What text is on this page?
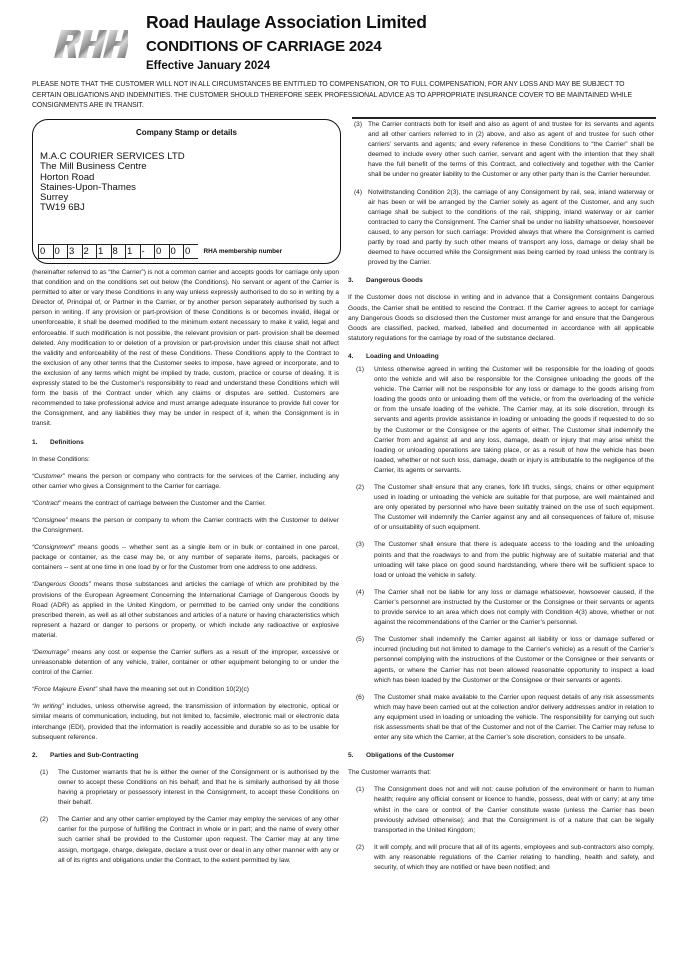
Road Haulage Association Limited
CONDITIONS OF CARRIAGE 2024
Effective January 2024
PLEASE NOTE THAT THE CUSTOMER WILL NOT IN ALL CIRCUMSTANCES BE ENTITLED TO COMPENSATION, OR TO FULL COMPENSATION, FOR ANY LOSS AND MAY BE SUBJECT TO CERTAIN OBLIGATIONS AND INDEMNITIES. THE CUSTOMER SHOULD THEREFORE SEEK PROFESSIONAL ADVICE AS TO APPROPRIATE INSURANCE COVER TO BE MAINTAINED WHILE CONSIGNMENTS ARE IN TRANSIT.
Company Stamp or details
M.A.C COURIER SERVICES LTD
The Mill Business Centre
Horton Road
Staines-Upon-Thames
Surrey
TW19 6BJ
0 0 3 2 1 8 1 -	0 0 0	RHA membership number

(hereinafter referred to as “the Carrier”) is not a common carrier and accepts goods for carriage only upon that condition and on the conditions set out below (the Conditions). No servant or agent of the Carrier is permitted to alter or vary these Conditions in any way unless expressly authorised to do so in writing by a Director of, Principal of, or Partner in the Carrier, or by another person separately authorised by such a person in writing. If any provision or part-provision of these Conditions is or becomes invalid, illegal or unenforceable, it shall be deemed modified to the minimum extent necessary to make it valid, legal and enforceable. If such modification is not possible, the relevant provision or part- provision shall be deemed deleted. Any modification to or deletion of a provision or part-provision under this clause shall not affect the validity and enforceability of the rest of these Conditions. These Conditions apply to the Contract to the exclusion of any other terms that the Customer seeks to impose, have agreed or incorporate, and to the exclusion of any terms which might be implied by trade, custom, practice or course of dealing. It is expressly stated to be the Customer’s responsibility to read and understand these Conditions which will form the basis of the Contract under which any claims or disputes are settled. Customers are recommended to take professional advice and must arrange adequate insurance to provide full cover for the Consignment, and any liabilities they may be under in respect of it, when the Consignment is in transit.

1.	Definitions

In these Conditions:

“Customer” means the person or company who contracts for the services of the Carrier, including any other carrier who gives a Consignment to the Carrier for carriage.

“Contract” means the contract of carriage between the Customer and the Carrier.

“Consignee” means the person or company to whom the Carrier contracts with the Customer to deliver the Consignment.

“Consignment” means goods -- whether sent as a single item or in bulk or contained in one parcel, package or container, as the case may be, or any number of separate items, parcels, packages or containers -- sent at one time in one load by or for the Customer from one address to one address.

“Dangerous Goods” means those substances and articles the carriage of which are prohibited by the provisions of the European Agreement Concerning the International Carriage of Dangerous Goods by Road (ADR) as applied in the United Kingdom, or permitted to be carried only under the conditions prescribed therein, as well as all other substances and articles of a nature or having characteristics which represent a hazard or danger to persons or property, or which include any radioactive or explosive material.

“Demurrage” means any cost or expense the Carrier suffers as a result of the improper, excessive or unreasonable detention of any vehicle, trailer, container or other equipment belonging to or under the control of the Carrier.

“Force Majeure Event” shall have the meaning set out in Condition 10(2)(c)

“In writing” includes, unless otherwise agreed, the transmission of information by electronic, optical or similar means of communication, including, but not limited to, facsimile, electronic mail or electronic data interchange (EDI), provided that the information is readily accessible and durable so as to be usable for subsequent reference.

2.	Parties and Sub-Contracting
(1)	The Customer warrants that he is either the owner of the Consignment or is authorised by the owner to accept these Conditions on his behalf; and that he is similarly authorised by all those having a proprietary or possessory interest in the Consignment, to accept these Conditions on their behalf.
(2)	The Carrier and any other carrier employed by the Carrier may employ the services of any other carrier for the purpose of fulfilling the Contract in whole or in part; and the name of every other such carrier shall be provided to the Customer upon request. The Carrier may at any time assign, mortgage, charge, delegate, declare a trust over or deal in any other manner with any or all of its rights and obligations under the Contract, to the extent permitted by law.
(3) The Carrier contracts both for itself and also as agent of and trustee for its servants and agents and all other carriers referred to in (2) above, and also as agent of and trustee for such other carriers’ servants and agents; and every reference in these Conditions to “the Carrier” shall be deemed to include every other such carrier, servant and agent with the intention that they shall have the full benefit of the terms of this Contract, and collectively and together with the Carrier shall be under no greater liability to the Customer or any other party than is the Carrier hereunder.
(4) Notwithstanding Condition 2(3), the carriage of any Consignment by rail, sea, inland waterway or air has been or will be arranged by the Carrier solely as agent of the Customer, and any such carriage shall be subject to the conditions of the rail, shipping, inland waterway or air carrier contracted to carry the Consignment. The Carrier shall be under no liability whatsoever, howsoever caused, to any person for such carriage: Provided always that where the Consignment is carried partly by road and partly by such other means of transport any loss, damage or delay shall be deemed to have occurred while the Consignment was being carried by road unless the contrary is proved by the Carrier.
3.	Dangerous Goods

If the Customer does not disclose in writing and in advance that a Consignment contains Dangerous Goods, the Carrier shall be entitled to rescind the Contract. If the Carrier agrees to accept for carriage any Dangerous Goods so disclosed then the Customer must arrange for and ensure that the Dangerous Goods are classified, packed, marked, labelled and documented in accordance with all applicable statutory regulations for the carriage by road of the substance declared.

4.	Loading and Unloading
(1)	Unless otherwise agreed in writing the Customer will be responsible for the loading of goods onto the vehicle and will also be responsible for the Consignee unloading the goods off the vehicle. The Carrier will not be responsible for any loss or damage to the goods arising from loading the goods onto or unloading them off the vehicle, or from the overloading of the vehicle or from the unsafe loading of the vehicle. The Carrier may, at its sole discretion, through its servants and agents provide assistance in loading or unloading the goods if requested to do so by the Customer or the Consignee or the agents of either. The Customer shall indemnify the Carrier from and against all and any loss, damage, death or injury that may arise whilst the loading or unloading operations are taking place, or as a result of how the vehicle has been loaded, whether or not such loss, damage, death or injury is attributable to the negligence of the Carrier, its agents or servants.
(2)	The Customer shall ensure that any cranes, fork lift trucks, slings, chains or other equipment used in loading or unloading the vehicle are suitable for that purpose, are well maintained and are only operated by personnel who have been suitably trained on the use of such equipment. The Customer will indemnify the Carrier against any and all consequences of failure of, misuse of or unsuitability of such equipment.
(3)	The Customer shall ensure that there is adequate access to the loading and the unloading points and that the roadways to and from the public highway are of suitable material and that unloading will take place on good sound hardstanding, where there will be sufficient space to load or unload the vehicle in safety.
(4)	The Carrier shall not be liable for any loss or damage whatsoever, howsoever caused, if the Carrier’s personnel are instructed by the Customer or the Consignee or their servants or agents to provide service to an area which does not comply with Condition 4(3) above, whether or not against the recommendations of the Carrier or the Carrier’s personnel.
(5)	The Customer shall indemnify the Carrier against all liability or loss or damage suffered or incurred (including but not limited to damage to the Carrier’s vehicle) as a result of the Carrier’s personnel complying with the instructions of the Customer or the Consignee or their servants or agents, or where the Carrier has not been allowed reasonable opportunity to inspect a load which has been loaded by the Customer or the Consignee or their servants or agents.
(6)	The Customer shall make available to the Carrier upon request details of any risk assessments which may have been carried out at the collection and/or delivery addresses and/or in relation to any equipment used in loading or unloading the vehicle. The responsibility for carrying out such risk assessments shall be that of the Customer and not of the Carrier. The Carrier may refuse to enter any site which the Carrier, at the Carrier’s sole discretion, considers to be unsafe.
5.	Obligations of the Customer

The Customer warrants that:

(1)	The Consignment does not and will not: cause pollution of the environment or harm to human health; require any official consent or licence to handle, possess, deal with or carry; at any time whilst in the care or control of the Carrier constitute waste (unless the Carrier has been previously advised otherwise); and that the Consignment is of a nature that can be legally transported in the United Kingdom;
(2)	It will comply, and will procure that all of its agents, employees and sub-contractors also comply, with any reasonable regulations of the Carrier relating to handling, health and safety, and security, of which they are notified or have been notified; and
